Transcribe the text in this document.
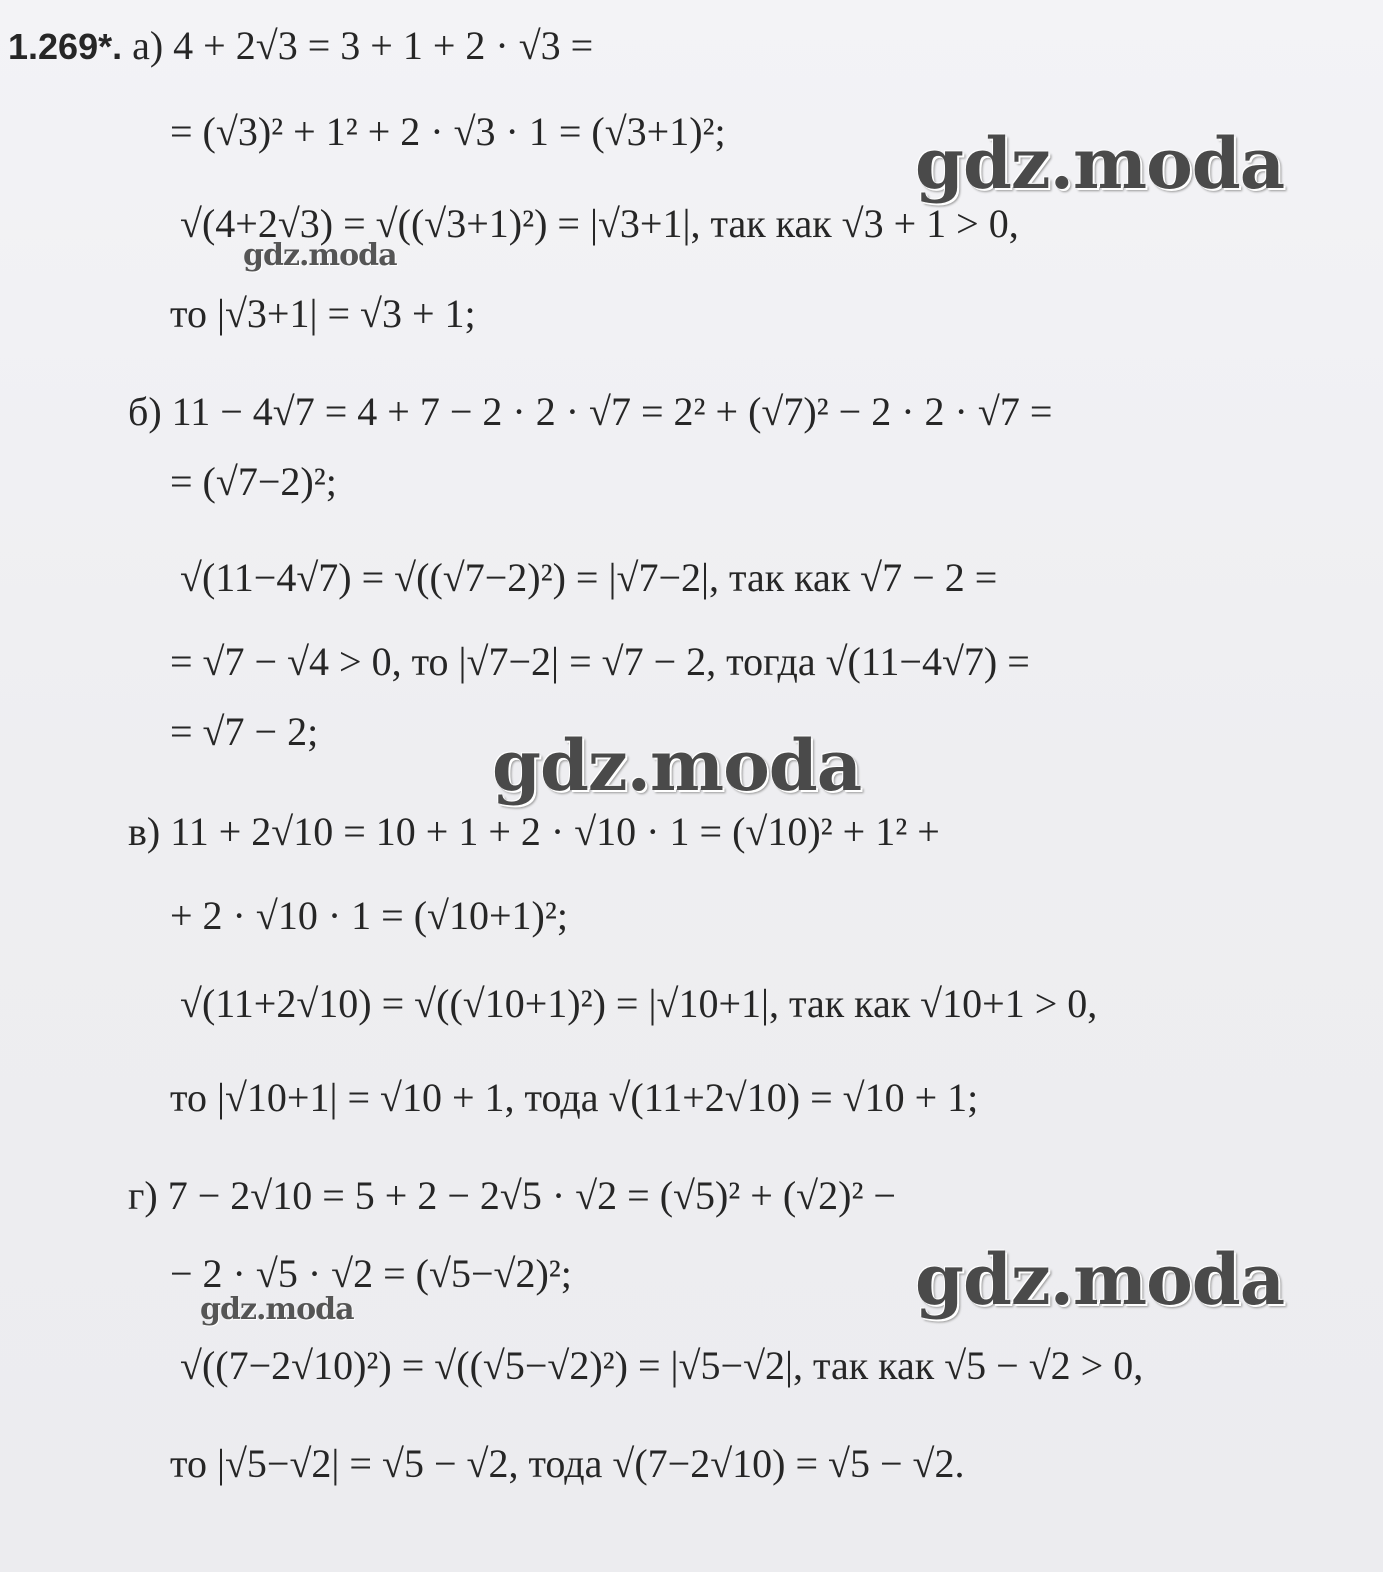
1.269*. а) 4 + 2√3 = 3 + 1 + 2 · √3 =
= (√3)² + 1² + 2 · √3 · 1 = (√3+1)²;
√(4+2√3) = √((√3+1)²) = |√3+1|, так как √3 + 1 > 0,
то |√3+1| = √3 + 1;
б) 11 − 4√7 = 4 + 7 − 2 · 2 · √7 = 2² + (√7)² − 2 · 2 · √7 =
= (√7−2)²;
√(11−4√7) = √((√7−2)²) = |√7−2|, так как √7 − 2 =
= √7 − √4 > 0, то |√7−2| = √7 − 2, тогда √(11−4√7) =
= √7 − 2;
в) 11 + 2√10 = 10 + 1 + 2 · √10 · 1 = (√10)² + 1² +
+ 2 · √10 · 1 = (√10+1)²;
√(11+2√10) = √((√10+1)²) = |√10+1|, так как √10+1 > 0,
то |√10+1| = √10 + 1, тода √(11+2√10) = √10 + 1;
г) 7 − 2√10 = 5 + 2 − 2√5 · √2 = (√5)² + (√2)² −
− 2 · √5 · √2 = (√5−√2)²;
√((7−2√10)²) = √((√5−√2)²) = |√5−√2|, так как √5 − √2 > 0,
то |√5−√2| = √5 − √2, тода √(7−2√10) = √5 − √2.
gdz.moda
gdz.moda
gdz.moda
gdz.moda
gdz.moda
